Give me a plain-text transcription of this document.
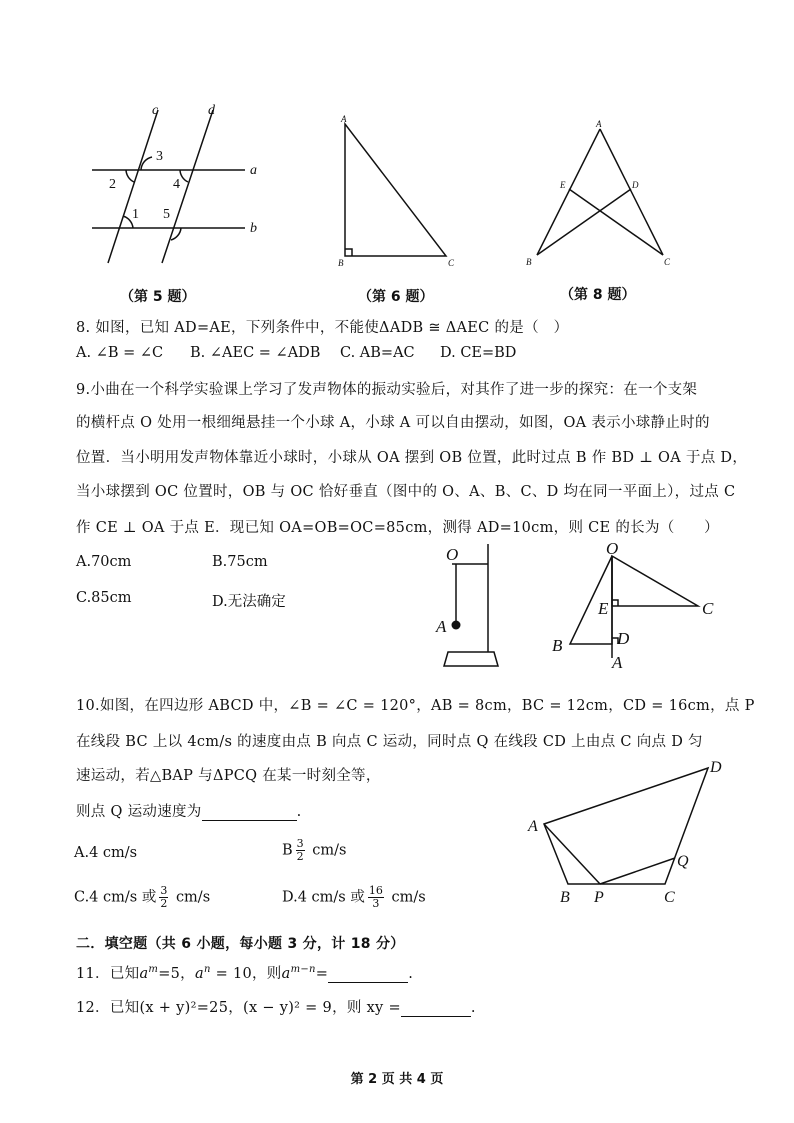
c	d
a
b
1
2
3
4
5
（第 5 题）
A
B	C
（第 6 题）
A
E	D
B	C
（第 8 题）
8. 如图，已知 AD=AE，下列条件中，不能使ΔADB ≅ ΔAEC 的是（　）
A. ∠B = ∠C B. ∠AEC = ∠ADB C. AB=AC D. CE=BD
9.小曲在一个科学实验课上学习了发声物体的振动实验后，对其作了进一步的探究：在一个支架
的横杆点 O 处用一根细绳悬挂一个小球 A，小球 A 可以自由摆动，如图，OA 表示小球静止时的
位置．当小明用发声物体靠近小球时，小球从 OA 摆到 OB 位置，此时过点 B 作 BD ⊥ OA 于点 D，
当小球摆到 OC 位置时，OB 与 OC 恰好垂直（图中的 O、A、B、C、D 均在同一平面上），过点 C
作 CE ⊥ OA 于点 E．现已知 OA=OB=OC=85cm，测得 AD=10cm，则 CE 的长为（　　）
A.70cm	B.75cm
C.85cm	D.无法确定
O
A
O
E	C
D
B
A
10.如图，在四边形 ABCD 中，∠B = ∠C = 120°，AB = 8cm，BC = 12cm，CD = 16cm，点 P
在线段 BC 上以 4cm/s 的速度由点 B 向点 C 运动，同时点 Q 在线段 CD 上由点 C 向点 D 匀
速运动，若△BAP 与ΔPCQ 在某一时刻全等，
则点 Q 运动速度为	.
A.4 cm/s	B $\frac{3}{2} cm/s$
C.4 cm/s 或 $\frac{3}{2} cm/s$	D.4 cm/s 或 $\frac{16}{3} cm/s$
A
D
Q
B P	C
二．填空题（共 6 小题，每小题 3 分，计 18 分）
11．已知$a^m=5$，$a^n = 10$，则$a^{m-n}=$	.
12．已知(x + y)²=25，(x − y)² = 9，则 xy =	.
第 2 页 共 4 页
